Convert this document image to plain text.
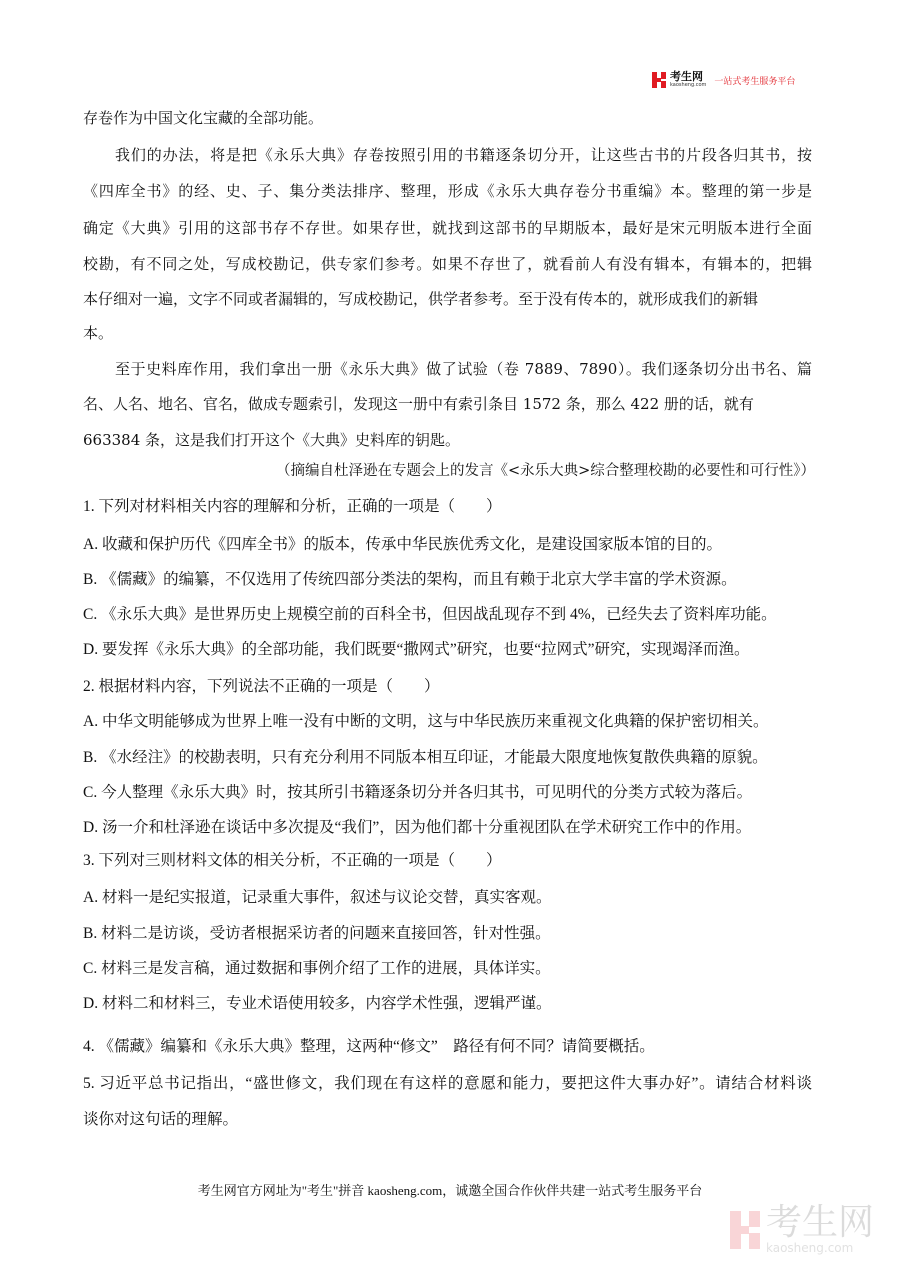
考生网
kaosheng.com 一站式考生服务平台
存卷作为中国文化宝藏的全部功能。
我们的办法，将是把《永乐大典》存卷按照引用的书籍逐条切分开，让这些古书的片段各归其书，按
《四库全书》的经、史、子、集分类法排序、整理，形成《永乐大典存卷分书重编》本。整理的第一步是
确定《大典》引用的这部书存不存世。如果存世，就找到这部书的早期版本，最好是宋元明版本进行全面
校勘，有不同之处，写成校勘记，供专家们参考。如果不存世了，就看前人有没有辑本，有辑本的，把辑
本仔细对一遍，文字不同或者漏辑的，写成校勘记，供学者参考。至于没有传本的，就形成我们的新辑
本。
至于史料库作用，我们拿出一册《永乐大典》做了试验（卷 7889、7890）。我们逐条切分出书名、篇
名、人名、地名、官名，做成专题索引，发现这一册中有索引条目 1572 条，那么 422 册的话，就有
663384 条，这是我们打开这个《大典》史料库的钥匙。
（摘编自杜泽逊在专题会上的发言《<永乐大典>综合整理校勘的必要性和可行性》）
1. 下列对材料相关内容的理解和分析，正确的一项是（　　）
A. 收藏和保护历代《四库全书》的版本，传承中华民族优秀文化，是建设国家版本馆的目的。
B. 《儒藏》的编纂，不仅选用了传统四部分类法的架构，而且有赖于北京大学丰富的学术资源。
C. 《永乐大典》是世界历史上规模空前的百科全书，但因战乱现存不到 4%，已经失去了资料库功能。
D. 要发挥《永乐大典》的全部功能，我们既要“撒网式”研究，也要“拉网式”研究，实现竭泽而渔。
2. 根据材料内容，下列说法不正确的一项是（　　）
A. 中华文明能够成为世界上唯一没有中断的文明，这与中华民族历来重视文化典籍的保护密切相关。
B. 《水经注》的校勘表明，只有充分利用不同版本相互印证，才能最大限度地恢复散佚典籍的原貌。
C. 今人整理《永乐大典》时，按其所引书籍逐条切分并各归其书，可见明代的分类方式较为落后。
D. 汤一介和杜泽逊在谈话中多次提及“我们”，因为他们都十分重视团队在学术研究工作中的作用。
3. 下列对三则材料文体的相关分析，不正确的一项是（　　）
A. 材料一是纪实报道，记录重大事件，叙述与议论交替，真实客观。
B. 材料二是访谈，受访者根据采访者的问题来直接回答，针对性强。
C. 材料三是发言稿，通过数据和事例介绍了工作的进展，具体详实。
D. 材料二和材料三，专业术语使用较多，内容学术性强，逻辑严谨。
4. 《儒藏》编纂和《永乐大典》整理，这两种“修文”　路径有何不同？请简要概括。
5. 习近平总书记指出，“盛世修文，我们现在有这样的意愿和能力，要把这件大事办好”。请结合材料谈
谈你对这句话的理解。
考生网官方网址为"考生"拼音 kaosheng.com，诚邀全国合作伙伴共建一站式考生服务平台
考生网
kaosheng.com
